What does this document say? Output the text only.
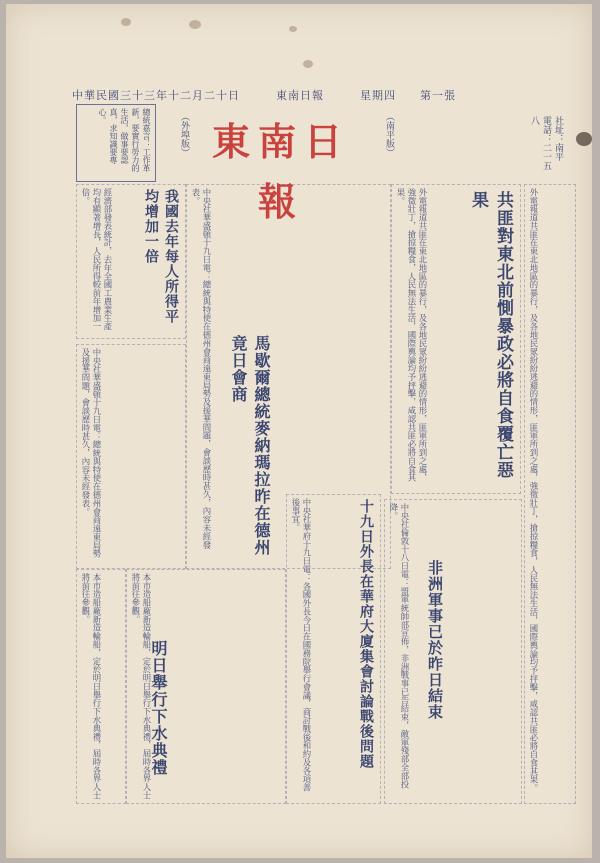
中華民國三十三年十二月二十日　　　東南日報　　　星期四　　第一張
總統嘉言：工作革新，要實行勞力的生活，做事要認真，求知識要專心。	（外埠版） 東南日報
（南平版）	社址：南平　電話：二一五八
共匪對東北前惻暴政必將自食覆亡惡果
外電報道共匪在東北地區的暴行，及各地民眾紛紛逃避的情形，匪軍所到之處，強徵壯丁，搶掠糧食，人民無法生活，國際輿論均予抨擊，咸認共匪必將自食其果。	外電報道共匪在東北地區的暴行，及各地民眾紛紛逃避的情形，匪軍所到之處，強徵壯丁，搶掠糧食，人民無法生活，國際輿論均予抨擊，咸認共匪必將自食其果。
我國去年每人所得平均增加一倍
經濟部發表統計，去年全國工農業生產均有顯著增長，人民所得較前年增加一倍。
馬歇爾總統麥納瑪拉昨在德州竟日會商
中央社華盛頓十九日電：總統與特使在德州會商遠東局勢及援華問題，會談歷時甚久，內容未經發表。
中央社華盛頓十九日電：總統與特使在德州會商遠東局勢及援華問題，會談歷時甚久，內容未經發表。
十九日外長在華府大廈集會討論戰後問題
中央社華府十九日電：各國外長今日在國務院舉行會議，商討戰後和約及各項善後事宜。
非洲軍事已於昨日結束
中央社倫敦十八日電：盟軍統帥部宣佈，非洲戰事已告結束，敵軍殘部全部投降。
明日舉行下水典禮
本市造船廠新造輪船，定於明日舉行下水典禮，屆時各界人士將前往參觀。
本市造船廠新造輪船，定於明日舉行下水典禮，屆時各界人士將前往參觀。
